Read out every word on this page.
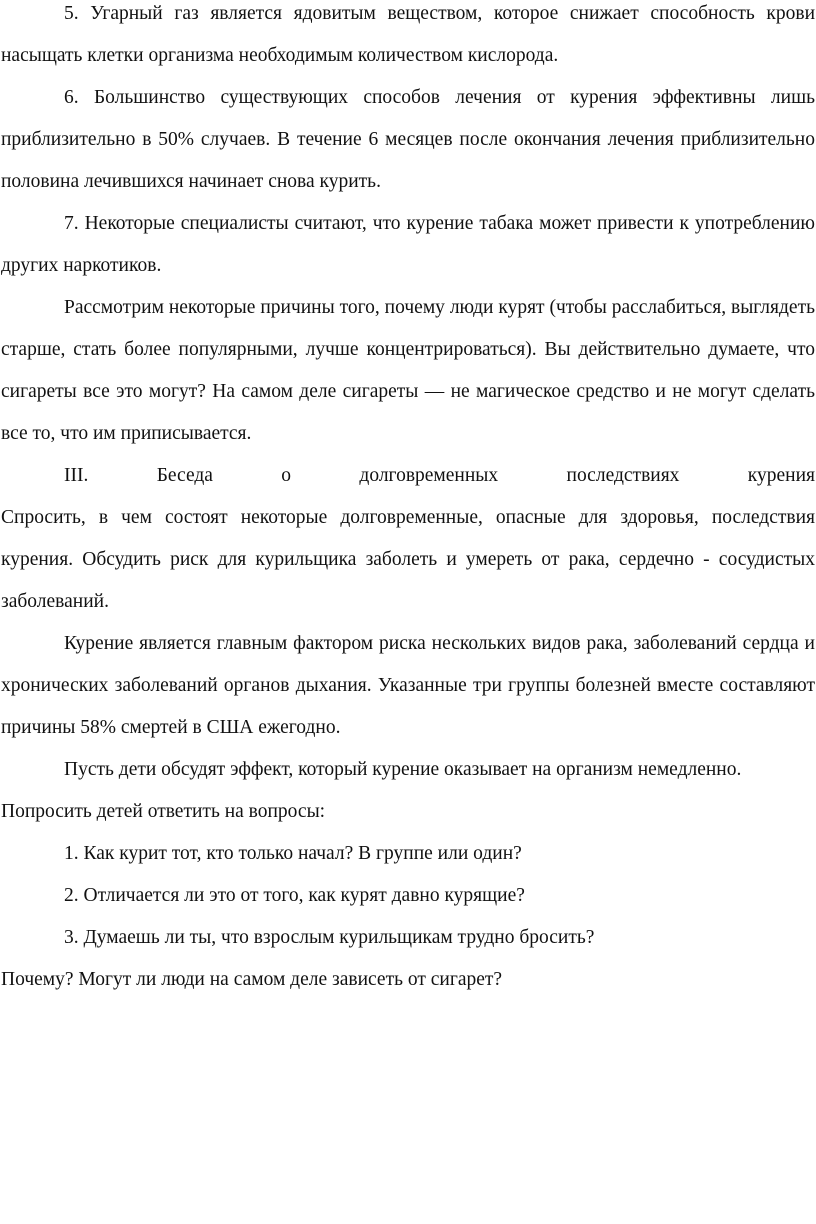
5. Угарный газ является ядовитым веществом, которое снижает способность крови насыщать клетки организма необходимым количеством кислорода.

6. Большинство существующих способов лечения от курения эффективны лишь приблизительно в 50% случаев. В течение 6 месяцев после окончания лечения приблизительно половина лечившихся начинает снова курить.

7. Некоторые специалисты считают, что курение табака может привести к употреблению других наркотиков.

Рассмотрим некоторые причины того, почему люди курят (чтобы расслабиться, выглядеть старше, стать более популярными, лучше концентрироваться). Вы действительно думаете, что сигареты все это могут? На самом деле сигареты — не магическое средство и не могут сделать все то, что им приписывается.

III.	Беседа	о	долговременных	последствиях	курения

Спросить, в чем состоят некоторые долговременные, опасные для здоровья, последствия курения. Обсудить риск для курильщика заболеть и умереть от рака, сердечно - сосудистых заболеваний.

Курение является главным фактором риска нескольких видов рака, заболеваний сердца и хронических заболеваний органов дыхания. Указанные три группы болезней вместе составляют причины 58% смертей в США ежегодно.

Пусть дети обсудят эффект, который курение оказывает на организм немедленно.

Попросить детей ответить на вопросы:

1. Как курит тот, кто только начал? В группе или один?

2. Отличается ли это от того, как курят давно курящие?

3. Думаешь ли ты, что взрослым курильщикам трудно бросить?

Почему? Могут ли люди на самом деле зависеть от сигарет?
